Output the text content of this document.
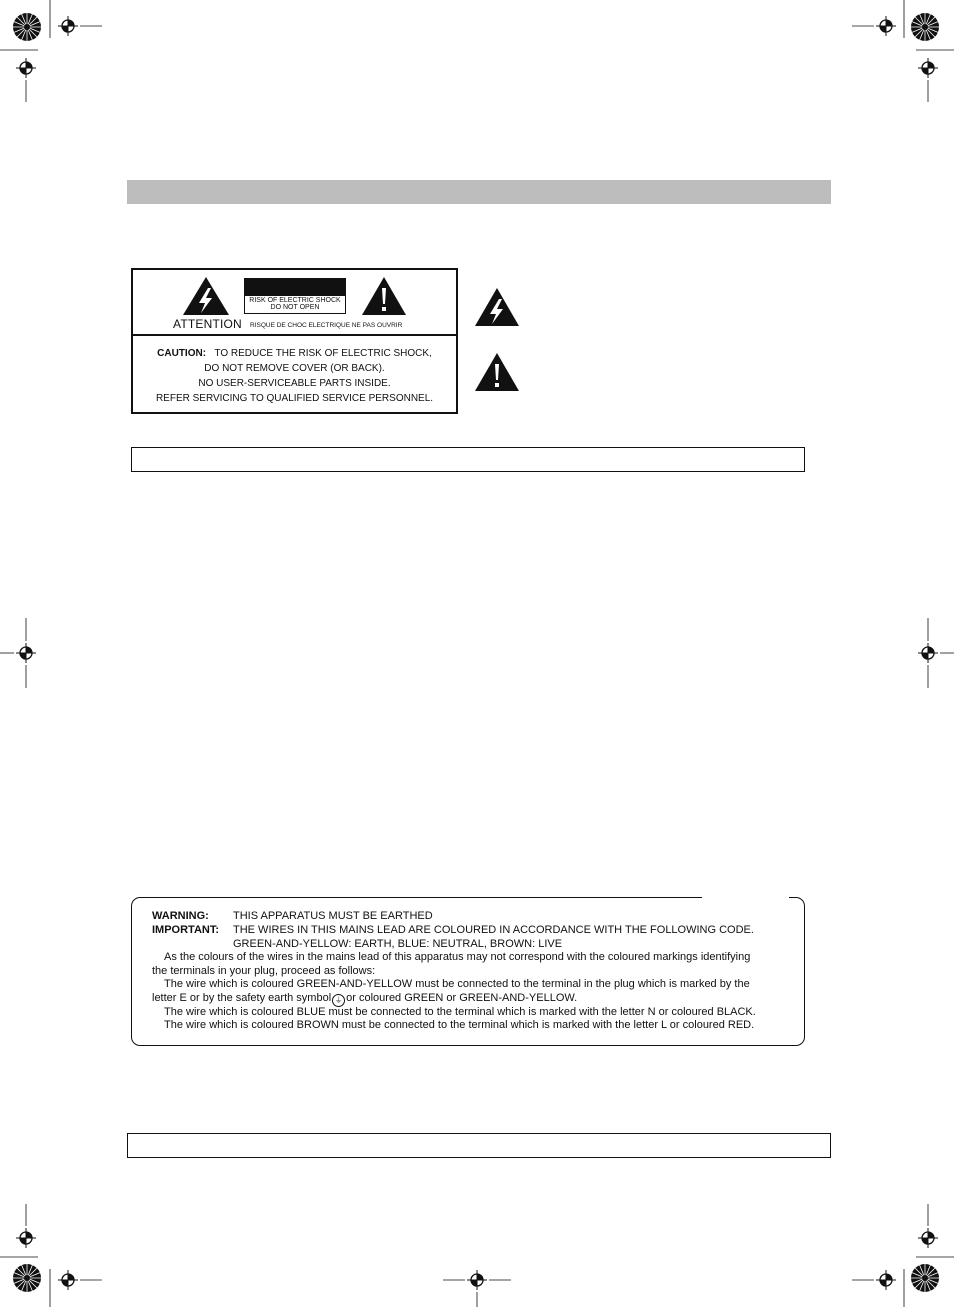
RISK OF ELECTRIC SHOCK
DO NOT OPEN
ATTENTION RISQUE DE CHOC ELECTRIQUE NE PAS OUVRIR
CAUTION: TO REDUCE THE RISK OF ELECTRIC SHOCK,
DO NOT REMOVE COVER (OR BACK).
NO USER-SERVICEABLE PARTS INSIDE.
REFER SERVICING TO QUALIFIED SERVICE PERSONNEL.
WARNING: THIS APPARATUS MUST BE EARTHED
IMPORTANT: THE WIRES IN THIS MAINS LEAD ARE COLOURED IN ACCORDANCE WITH THE FOLLOWING CODE.
GREEN-AND-YELLOW: EARTH, BLUE: NEUTRAL, BROWN: LIVE
As the colours of the wires in the mains lead of this apparatus may not correspond with the coloured markings identifying
the terminals in your plug, proceed as follows:
The wire which is coloured GREEN-AND-YELLOW must be connected to the terminal in the plug which is marked by the
letter E or by the safety earth symbol ⏚ or coloured GREEN or GREEN-AND-YELLOW.
The wire which is coloured BLUE must be connected to the terminal which is marked with the letter N or coloured BLACK.
The wire which is coloured BROWN must be connected to the terminal which is marked with the letter L or coloured RED.
